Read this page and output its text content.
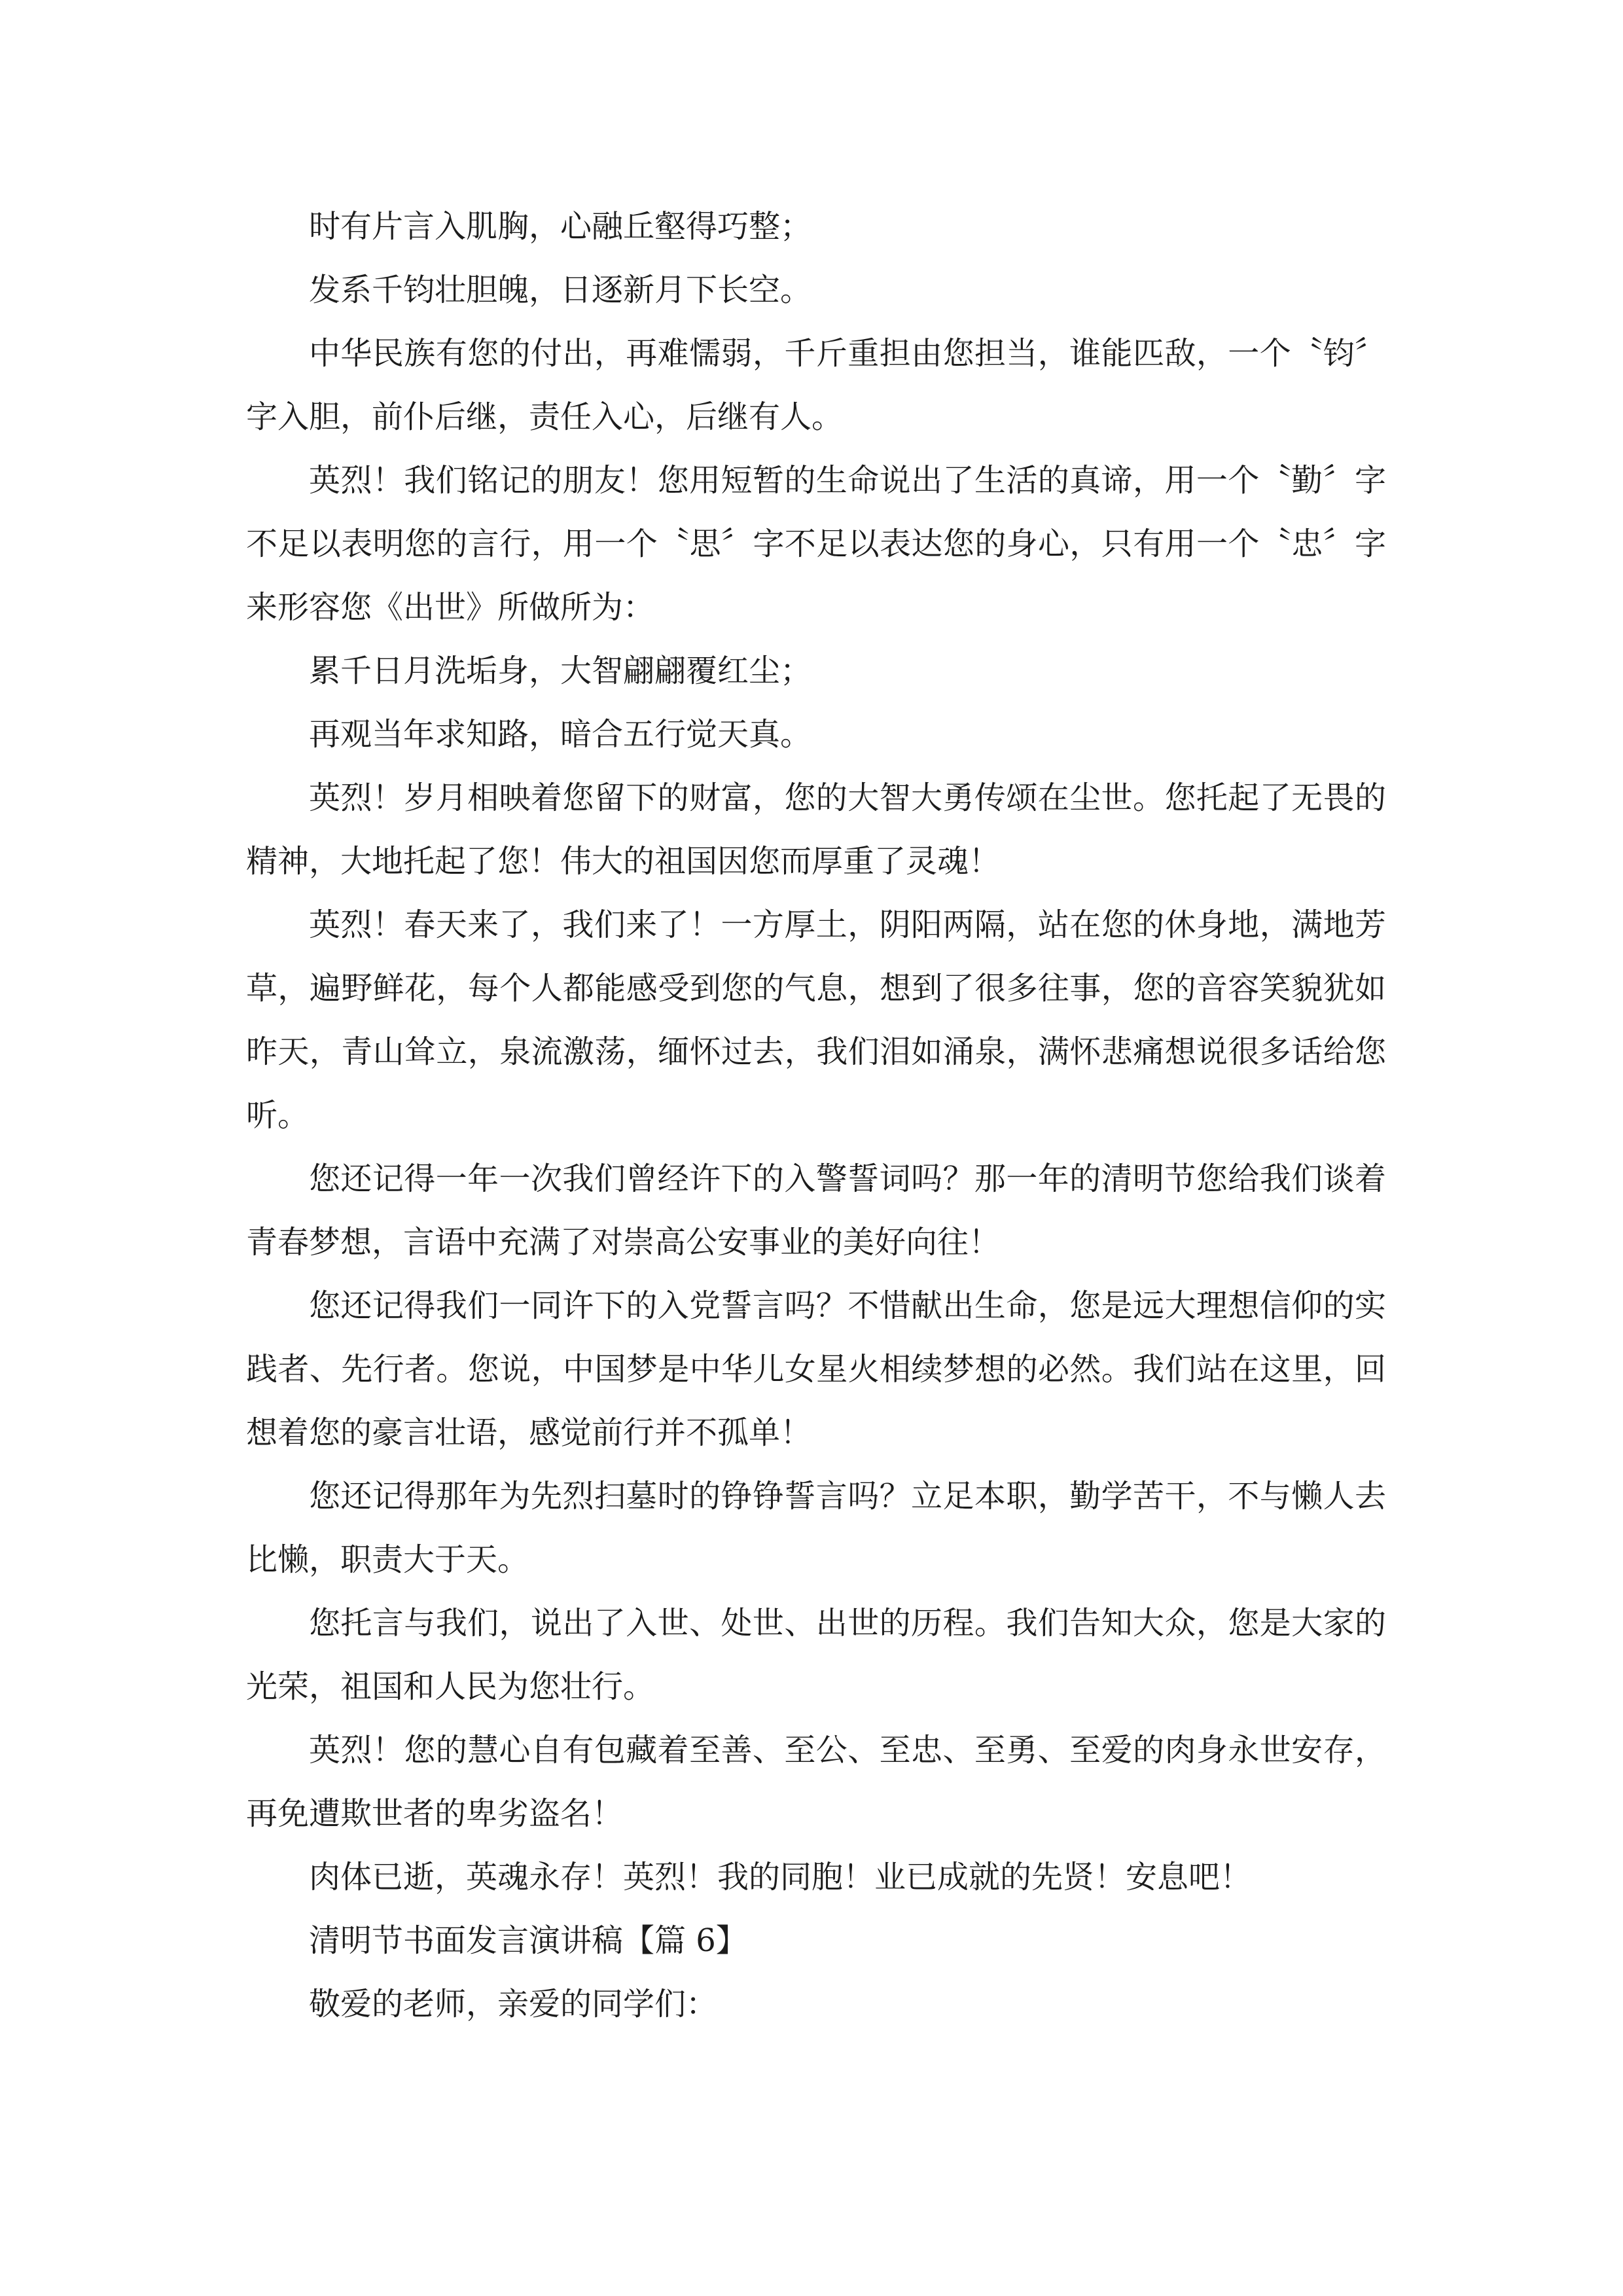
时有片言入肌胸，心融丘壑得巧整；

发系千钧壮胆魄，日逐新月下长空。

中华民族有您的付出，再难懦弱，千斤重担由您担当，谁能匹敌，一个〝钧〞字入胆，前仆后继，责任入心，后继有人。

英烈！我们铭记的朋友！您用短暂的生命说出了生活的真谛，用一个〝勤〞字不足以表明您的言行，用一个〝思〞字不足以表达您的身心，只有用一个〝忠〞字来形容您《出世》所做所为：

累千日月洗垢身，大智翩翩覆红尘；

再观当年求知路，暗合五行觉天真。

英烈！岁月相映着您留下的财富，您的大智大勇传颂在尘世。您托起了无畏的精神，大地托起了您！伟大的祖国因您而厚重了灵魂！

英烈！春天来了，我们来了！一方厚土，阴阳两隔，站在您的休身地，满地芳草，遍野鲜花，每个人都能感受到您的气息，想到了很多往事，您的音容笑貌犹如昨天，青山耸立，泉流激荡，缅怀过去，我们泪如涌泉，满怀悲痛想说很多话给您听。

您还记得一年一次我们曾经许下的入警誓词吗？那一年的清明节您给我们谈着青春梦想，言语中充满了对崇高公安事业的美好向往！

您还记得我们一同许下的入党誓言吗？不惜献出生命，您是远大理想信仰的实践者、先行者。您说，中国梦是中华儿女星火相续梦想的必然。我们站在这里，回想着您的豪言壮语，感觉前行并不孤单！

您还记得那年为先烈扫墓时的铮铮誓言吗？立足本职，勤学苦干，不与懒人去比懒，职责大于天。

您托言与我们，说出了入世、处世、出世的历程。我们告知大众，您是大家的光荣，祖国和人民为您壮行。

英烈！您的慧心自有包藏着至善、至公、至忠、至勇、至爱的肉身永世安存，再免遭欺世者的卑劣盗名！

肉体已逝，英魂永存！英烈！我的同胞！业已成就的先贤！安息吧！

清明节书面发言演讲稿【篇 6】

敬爱的老师，亲爱的同学们：
